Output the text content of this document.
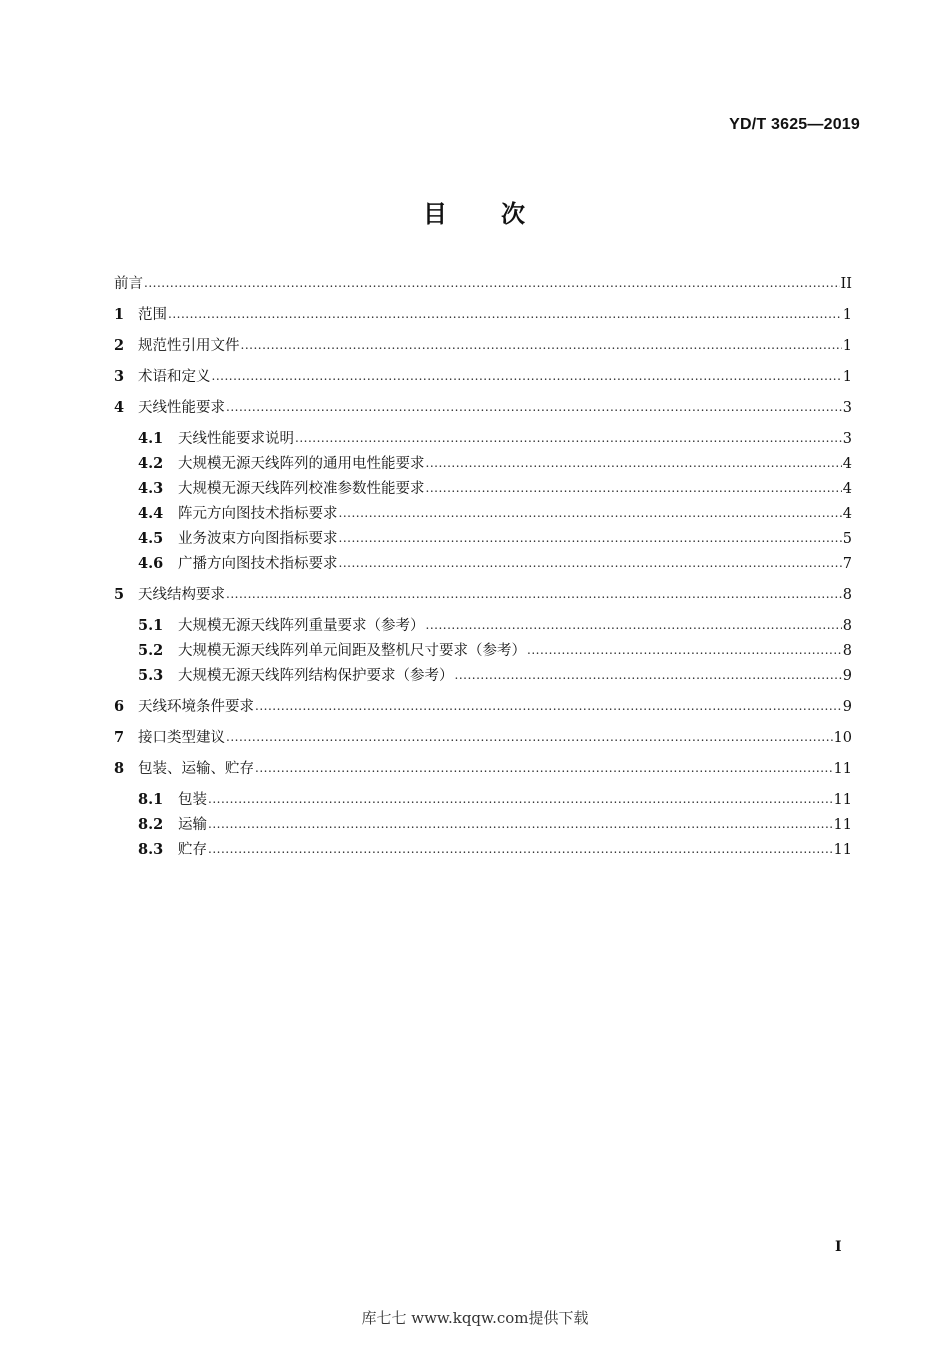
YD/T 3625—2019
目 次
前言 .....	II
1 范围 .....	1
2 规范性引用文件 .....	1
3 术语和定义 .....	1
4 天线性能要求 .....	3
4.1	天线性能要求说明 .....	3
4.2	大规模无源天线阵列的通用电性能要求 .....	4
4.3	大规模无源天线阵列校准参数性能要求 .....	4
4.4	阵元方向图技术指标要求 .....	4
4.5	业务波束方向图指标要求 .....	5
4.6	广播方向图技术指标要求 .....	7
5 天线结构要求 .....	8
5.1	大规模无源天线阵列重量要求（参考） .....	8
5.2	大规模无源天线阵列单元间距及整机尺寸要求（参考） .....	8
5.3	大规模无源天线阵列结构保护要求（参考） .....	9
6 天线环境条件要求 .....	9
7 接口类型建议 .....	10
8 包装、运输、贮存 .....	11
8.1	包装 .....	11
8.2	运输 .....	11
8.3	贮存 .....	11
I
库七七 www.kqqw.com提供下载
